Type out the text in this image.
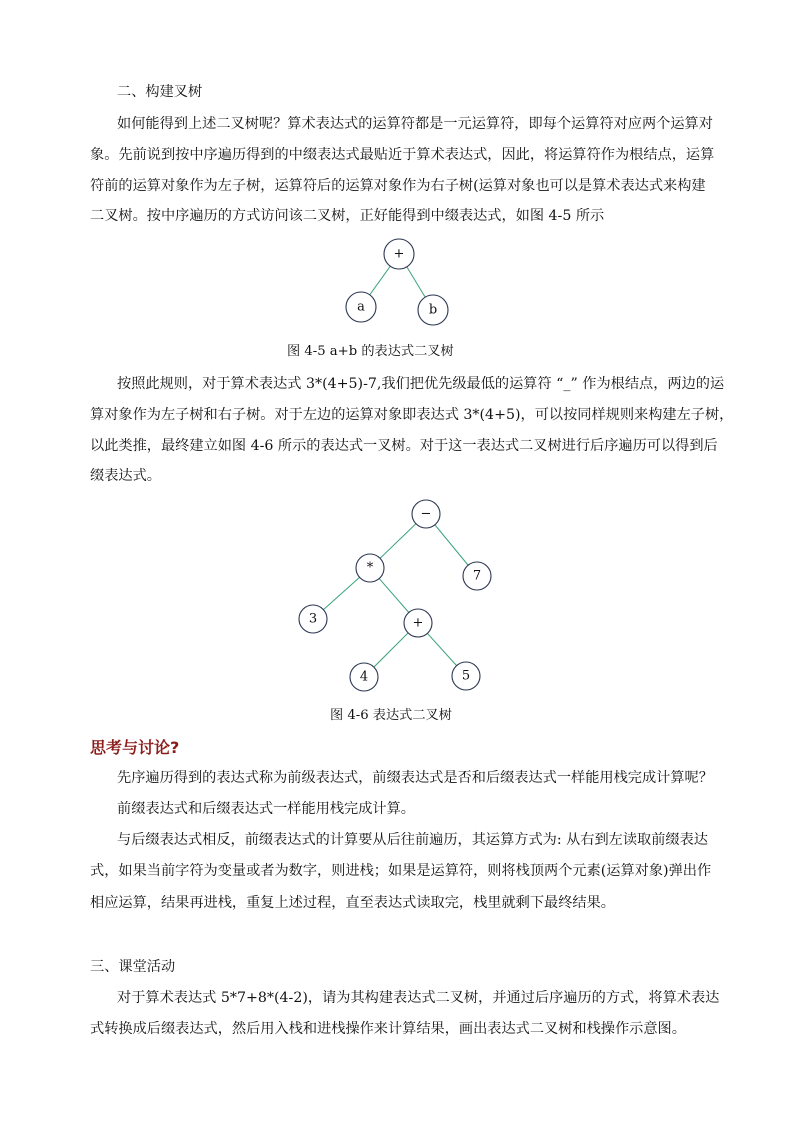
二、构建叉树
如何能得到上述二叉树呢？算术表达式的运算符都是一元运算符，即每个运算符对应两个运算对
象。先前说到按中序遍历得到的中缀表达式最贴近于算术表达式，因此，将运算符作为根结点，运算
符前的运算对象作为左子树，运算符后的运算对象作为右子树(运算对象也可以是算术表达式来构建
二叉树。按中序遍历的方式访问该二叉树，正好能得到中缀表达式，如图 4-5 所示
+
a	b
图 4-5 a+b 的表达式二叉树
按照此规则，对于算术表达式 3*(4+5)-7,我们把优先级最低的运算符 “_” 作为根结点，两边的运
算对象作为左子树和右子树。对于左边的运算对象即表达式 3*(4+5)，可以按同样规则来构建左子树，
以此类推，最终建立如图 4-6 所示的表达式一叉树。对于这一表达式二叉树进行后序遍历可以得到后
缀表达式。
−
*
7
3	+
4	5
图 4-6 表达式二叉树
思考与讨论?
先序遍历得到的表达式称为前级表达式，前缀表达式是否和后缀表达式一样能用栈完成计算呢？
前缀表达式和后缀表达式一样能用栈完成计算。
与后缀表达式相反，前缀表达式的计算要从后往前遍历，其运算方式为: 从右到左读取前缀表达
式，如果当前字符为变量或者为数字，则进栈；如果是运算符，则将栈顶两个元素(运算对象)弹出作
相应运算，结果再进栈，重复上述过程，直至表达式读取完，栈里就剩下最终结果。
三、课堂活动
对于算术表达式 5*7+8*(4-2)，请为其构建表达式二叉树，并通过后序遍历的方式，将算术表达
式转换成后缀表达式，然后用入栈和进栈操作来计算结果，画出表达式二叉树和栈操作示意图。
